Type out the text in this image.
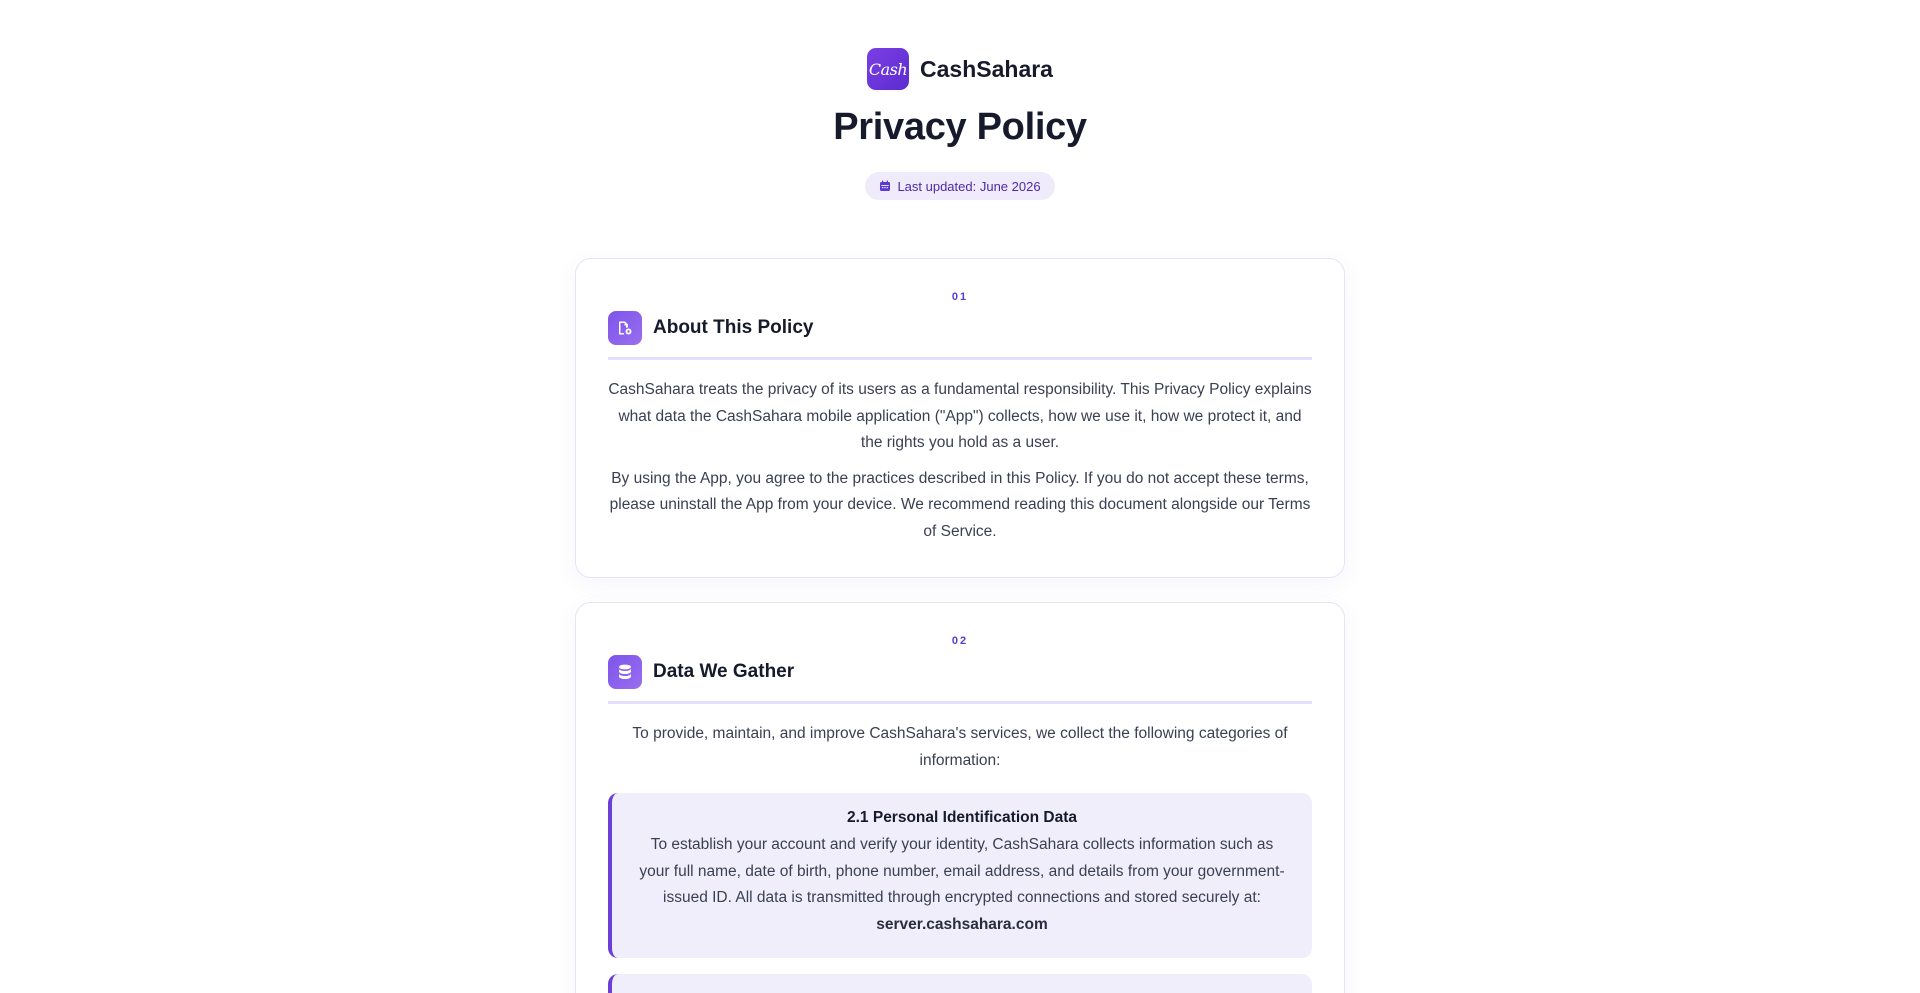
Cash CashSahara
Privacy Policy
Last updated: June 2026
01
About This Policy

CashSahara treats the privacy of its users as a fundamental responsibility. This Privacy Policy explains what data the CashSahara mobile application ("App") collects, how we use it, how we protect it, and the rights you hold as a user.

By using the App, you agree to the practices described in this Policy. If you do not accept these terms, please uninstall the App from your device. We recommend reading this document alongside our Terms of Service.

02
Data We Gather

To provide, maintain, and improve CashSahara's services, we collect the following categories of information:

2.1 Personal Identification Data
To establish your account and verify your identity, CashSahara collects information such as your full name, date of birth, phone number, email address, and details from your government-issued ID. All data is transmitted through encrypted connections and stored securely at: server.cashsahara.com
